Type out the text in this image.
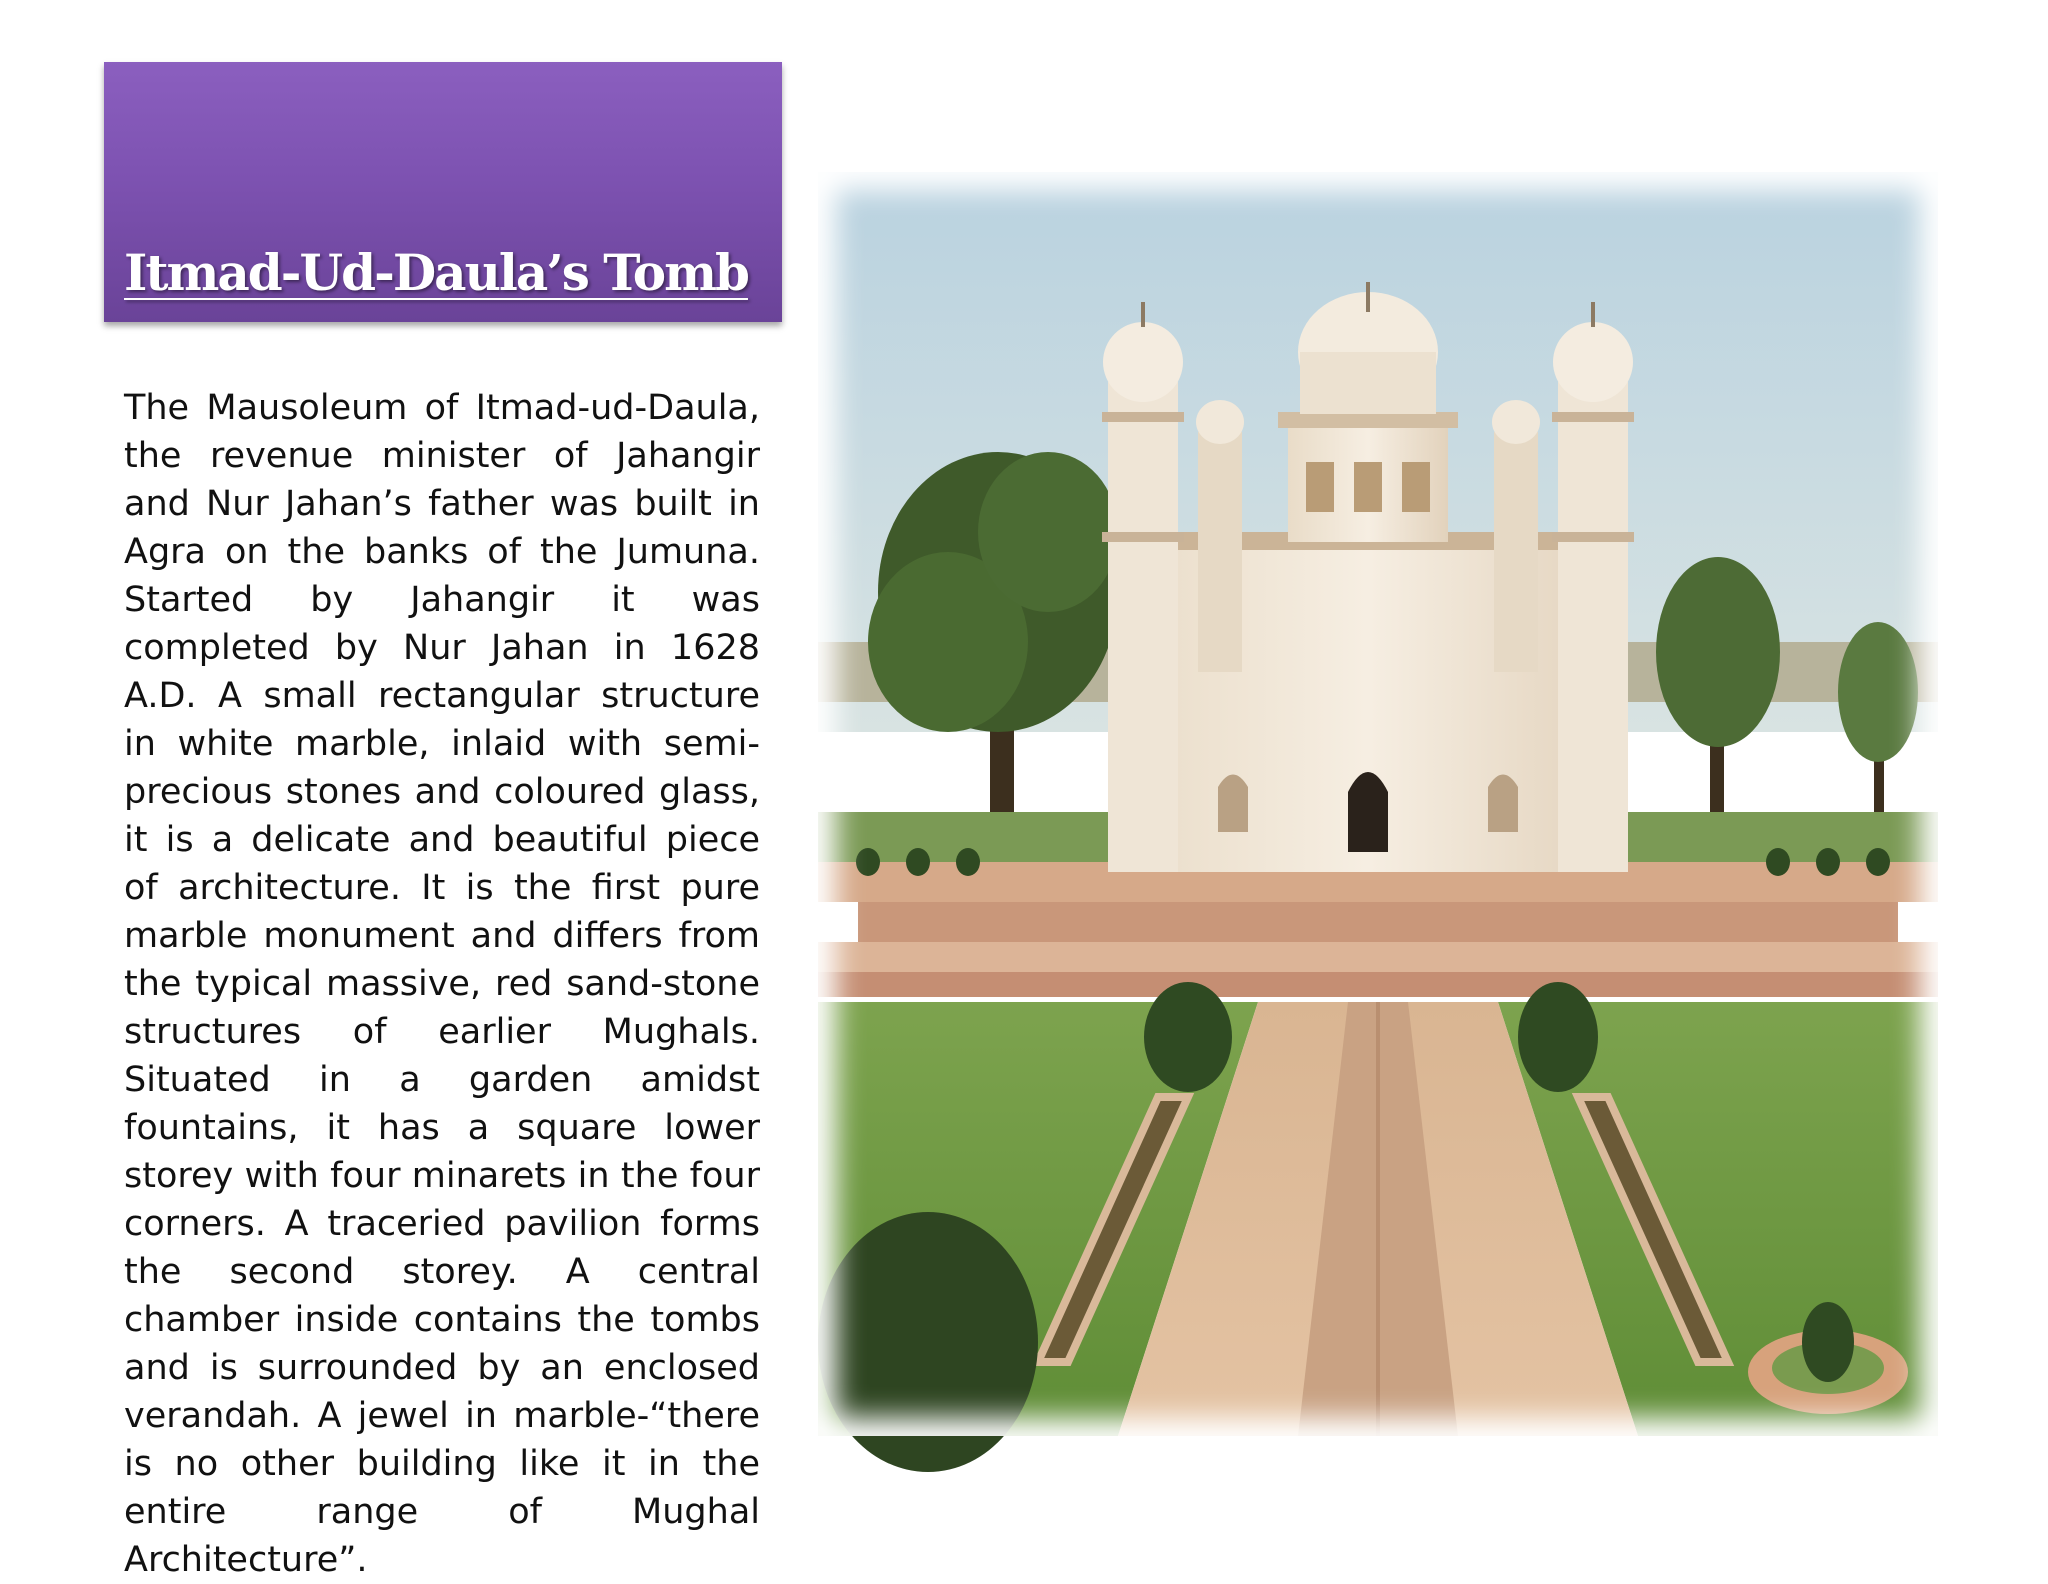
Itmad-Ud-Daula’s Tomb

The Mausoleum of Itmad-ud-Daula, the revenue minister of Jahangir and Nur Jahan’s father was built in Agra on the banks of the Jumuna. Started by Jahangir it was completed by Nur Jahan in 1628 A.D. A small rectangular structure in white marble, inlaid with semi-precious stones and coloured glass, it is a delicate and beautiful piece of architecture. It is the first pure marble monument and differs from the typical massive, red sand-stone structures of earlier Mughals. Situated in a garden amidst fountains, it has a square lower storey with four minarets in the four corners. A traceried pavilion forms the second storey. A central chamber inside contains the tombs and is surrounded by an enclosed verandah. A jewel in marble-“there is no other building like it in the entire range of Mughal Architecture”.
